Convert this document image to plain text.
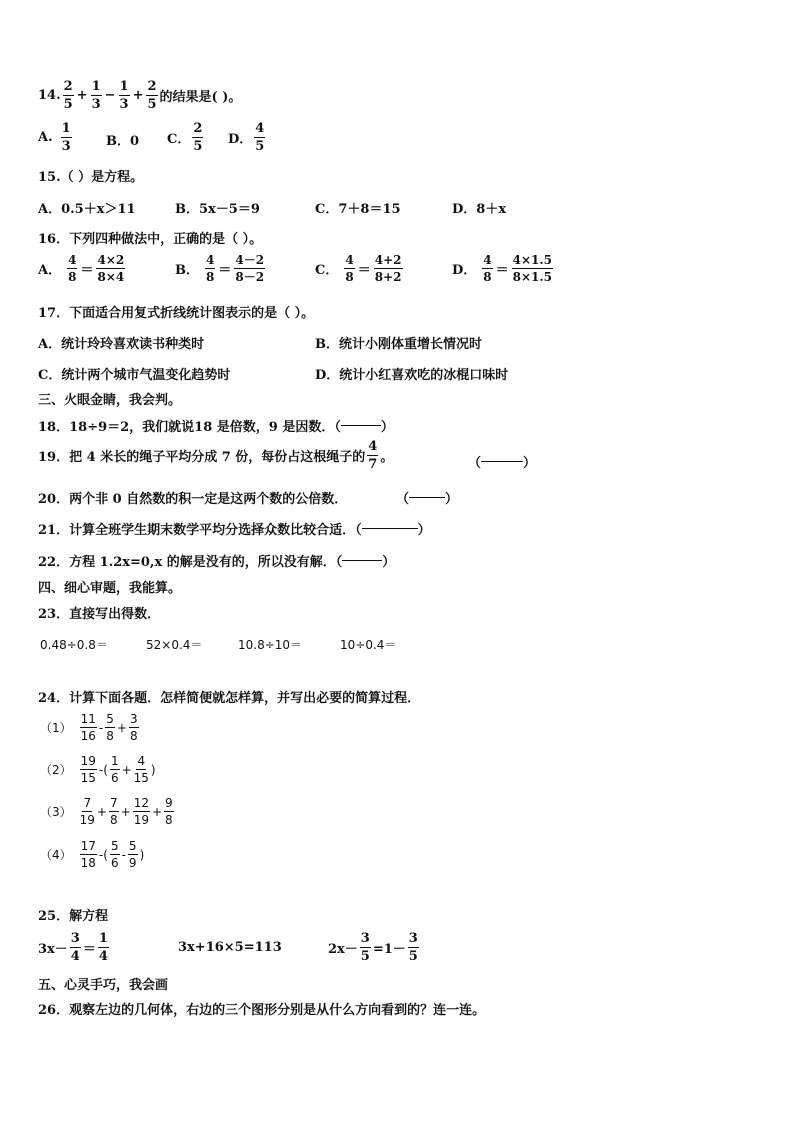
14.
2
5
+ $\frac{1}{3} - \frac{1}{3} + \frac{2}{5}$ 的结果是( )。
A.
1
3	B．0 C．
2
5 D．
4
5
15.（ ）是方程。
A．0.5＋x＞11	B．5x－5＝9	C．7＋8＝15	D．8＋x
16．下列四种做法中，正确的是（ ）。
A．
4
8 ＝
4×2
8×4	B．
4
8 ＝
4－2
8－2	C．
4
8 ＝
4+2
8+2	D．
4
8 ＝
4×1.5
8×1.5
17．下面适合用复式折线统计图表示的是（ ）。
A．统计玲玲喜欢读书种类时	B．统计小刚体重增长情况时
C．统计两个城市气温变化趋势时	D．统计小红喜欢吃的冰棍口味时
三、火眼金睛，我会判。
18．18÷9＝2，我们就说18 是倍数，9 是因数．（	）
19．把 4 米长的绳子平均分成 7 份，每份占这根绳子的
4
7 。	（	）
20．两个非 0 自然数的积一定是这两个数的公倍数．	（	）
21．计算全班学生期末数学平均分选择众数比较合适．（	）
22．方程 1.2x=0,x 的解是没有的，所以没有解．（	）
四、细心审题，我能算。
23．直接写出得数．
0.48÷0.8＝	52×0.4＝	10.8÷10＝	10÷0.4＝
24．计算下面各题．怎样简便就怎样算，并写出必要的简算过程．
（1）
11
16
-
5
8
+ $\frac{3}{8}$
（2）
19
15
-(
1
6
+ $\frac{4}{15}$ )
（3）
7
19
+ $\frac{7}{8} + \frac{12}{19} + \frac{9}{8}$
（4）
17
18
-(
5
6
-
5
9
)
25．解方程
3x－
3
4 ＝
1
4
3x+16×5=113	$2x- \frac{3}{5} =1-$
3
5
五、心灵手巧，我会画
26．观察左边的几何体，右边的三个图形分别是从什么方向看到的？连一连。
